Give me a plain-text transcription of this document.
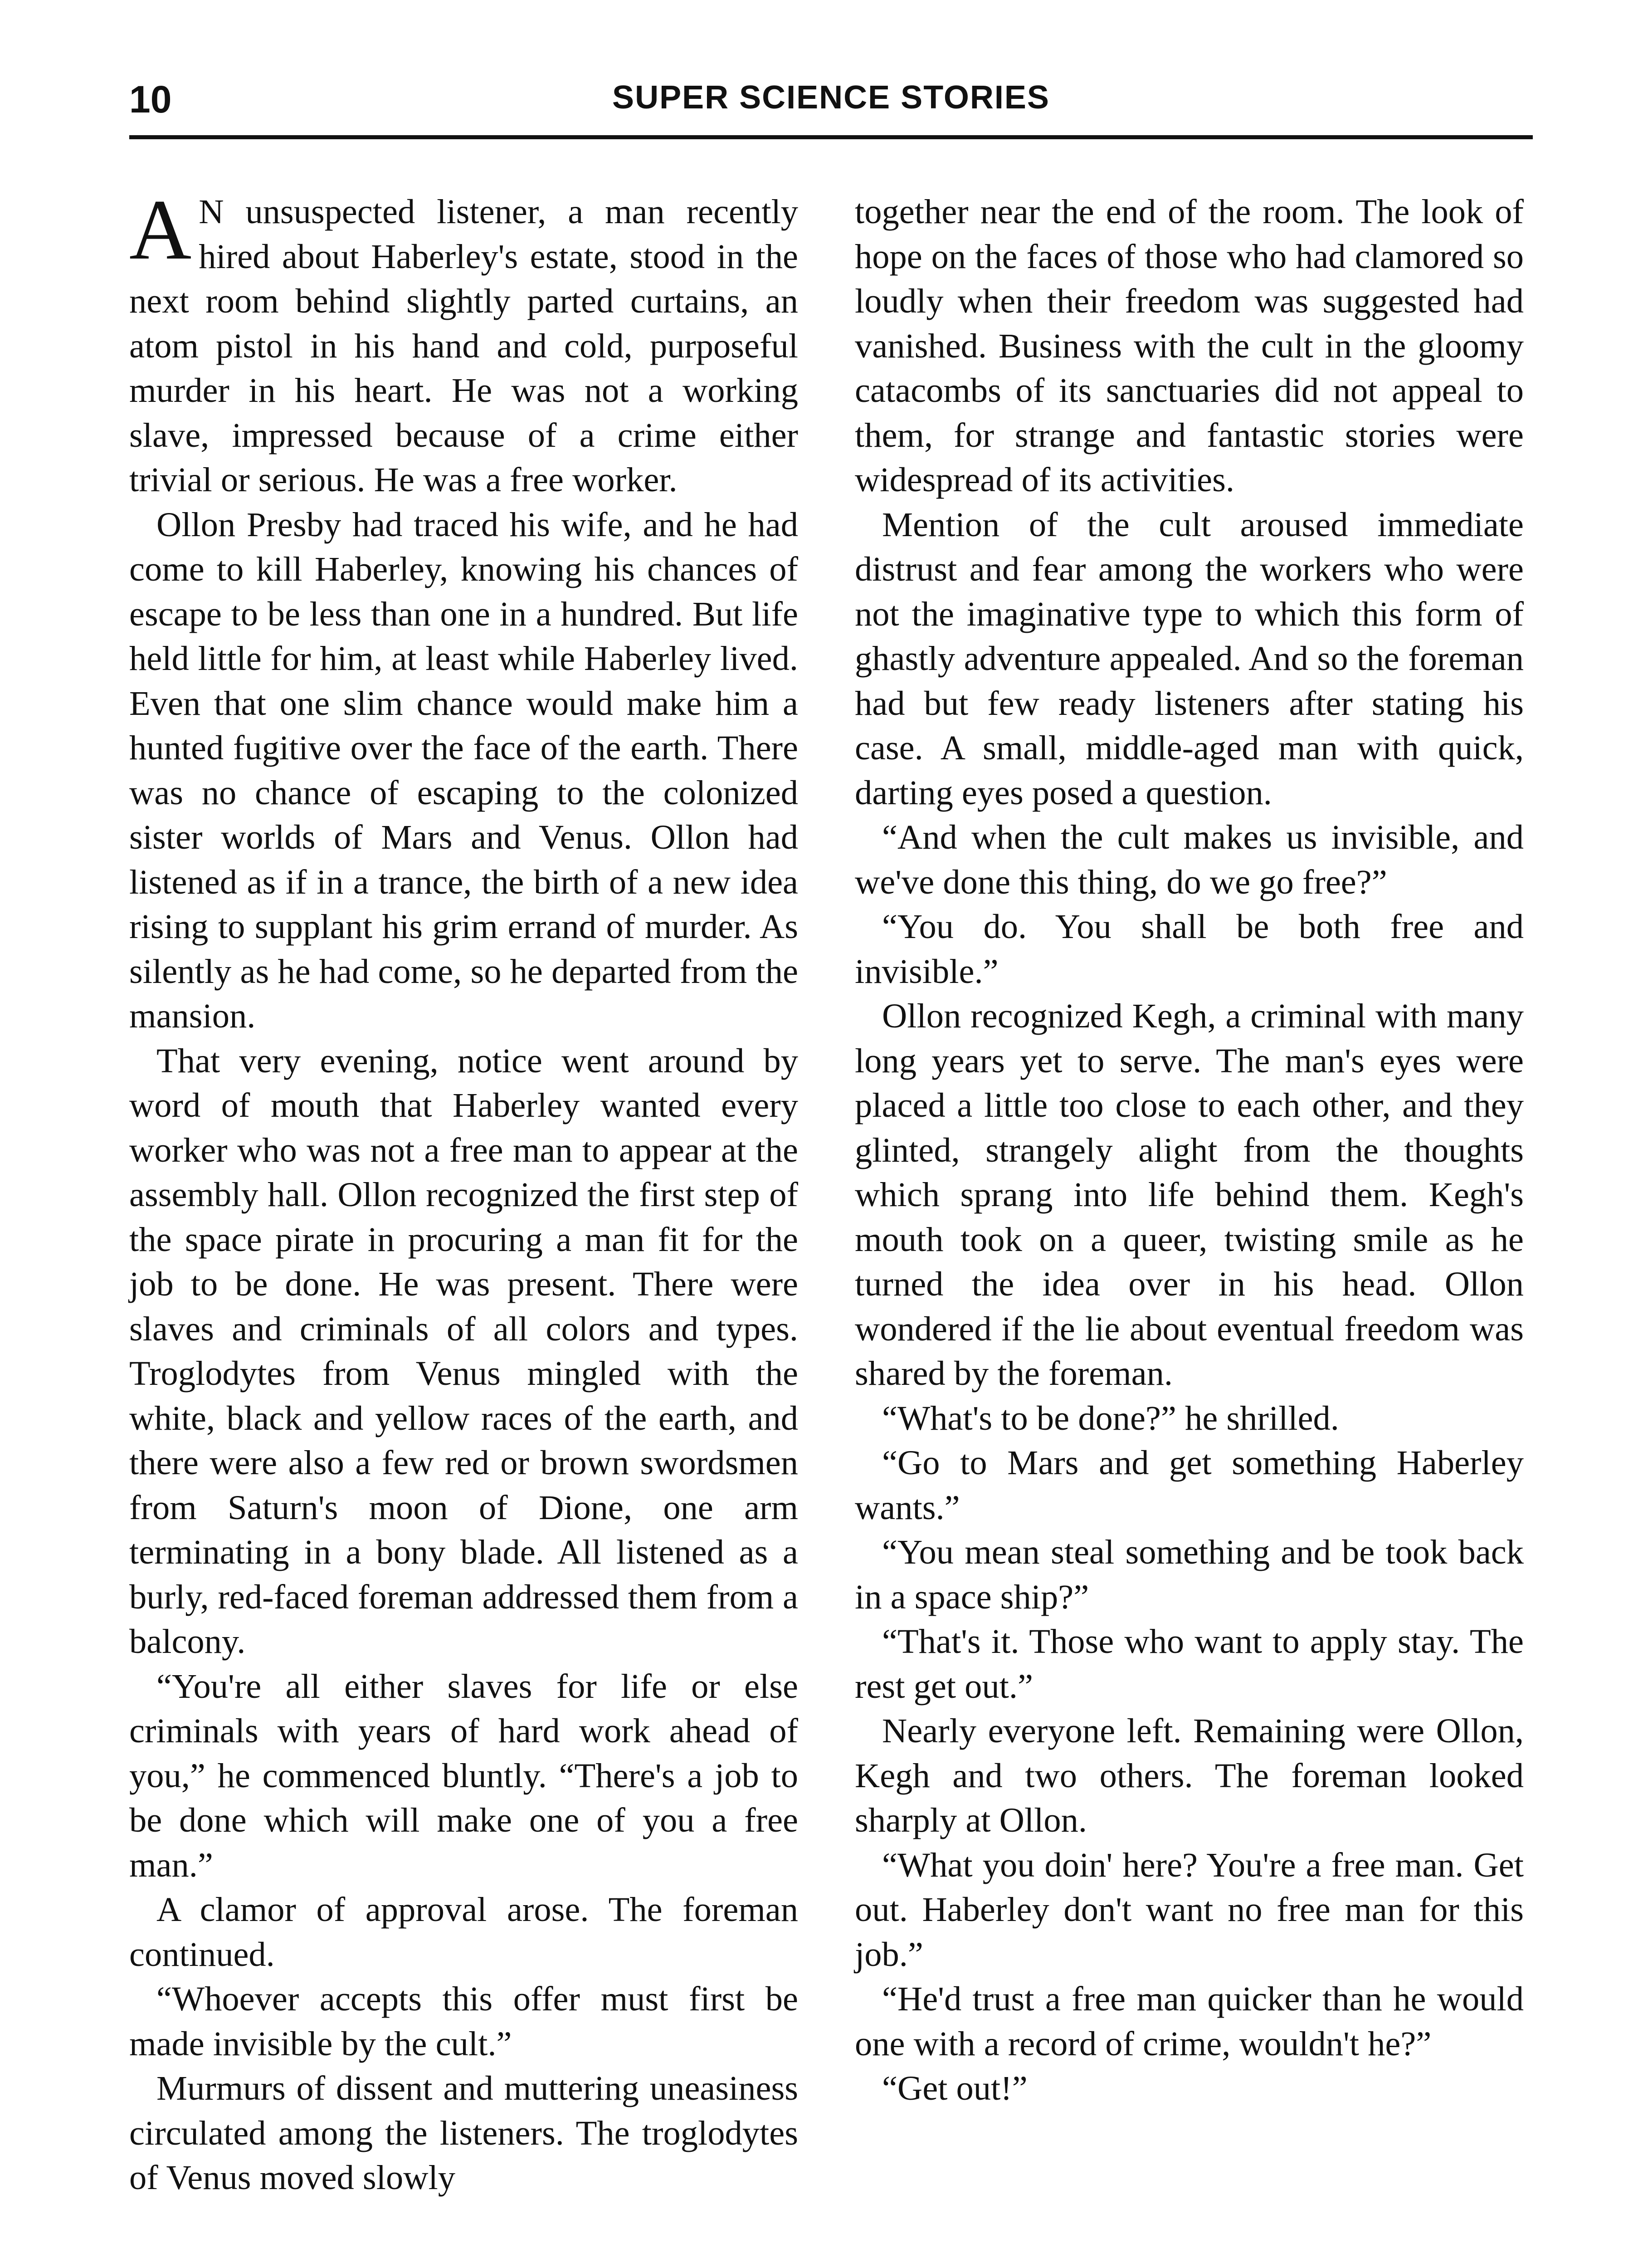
10	SUPER SCIENCE STORIES

A N unsuspected listener, a man recently hired about Haberley's estate, stood in the next room behind slightly parted curtains, an atom pistol in his hand and cold, purposeful murder in his heart. He was not a working slave, impressed because of a crime either trivial or serious. He was a free worker.

Ollon Presby had traced his wife, and he had come to kill Haberley, knowing his chances of escape to be less than one in a hundred. But life held little for him, at least while Haberley lived. Even that one slim chance would make him a hunted fugitive over the face of the earth. There was no chance of escaping to the colonized sister worlds of Mars and Venus. Ollon had listened as if in a trance, the birth of a new idea rising to supplant his grim errand of murder. As silently as he had come, so he departed from the mansion.

That very evening, notice went around by word of mouth that Haberley wanted every worker who was not a free man to appear at the assembly hall. Ollon recognized the first step of the space pirate in procuring a man fit for the job to be done. He was present. There were slaves and criminals of all colors and types. Troglodytes from Venus mingled with the white, black and yellow races of the earth, and there were also a few red or brown swordsmen from Saturn's moon of Dione, one arm terminating in a bony blade. All listened as a burly, red-faced foreman addressed them from a balcony.

“You're all either slaves for life or else criminals with years of hard work ahead of you,” he commenced bluntly. “There's a job to be done which will make one of you a free man.”

A clamor of approval arose. The foreman continued.

“Whoever accepts this offer must first be made invisible by the cult.”

Murmurs of dissent and muttering uneasiness circulated among the listeners. The troglodytes of Venus moved slowly

together near the end of the room. The look of hope on the faces of those who had clamored so loudly when their freedom was suggested had vanished. Business with the cult in the gloomy catacombs of its sanctuaries did not appeal to them, for strange and fantastic stories were widespread of its activities.

Mention of the cult aroused immediate distrust and fear among the workers who were not the imaginative type to which this form of ghastly adventure appealed. And so the foreman had but few ready listeners after stating his case. A small, middle-aged man with quick, darting eyes posed a question.

“And when the cult makes us invisible, and we've done this thing, do we go free?”

“You do. You shall be both free and invisible.”

Ollon recognized Kegh, a criminal with many long years yet to serve. The man's eyes were placed a little too close to each other, and they glinted, strangely alight from the thoughts which sprang into life behind them. Kegh's mouth took on a queer, twisting smile as he turned the idea over in his head. Ollon wondered if the lie about eventual freedom was shared by the foreman.

“What's to be done?” he shrilled.

“Go to Mars and get something Haberley wants.”

“You mean steal something and be took back in a space ship?”

“That's it. Those who want to apply stay. The rest get out.”

Nearly everyone left. Remaining were Ollon, Kegh and two others. The foreman looked sharply at Ollon.

“What you doin' here? You're a free man. Get out. Haberley don't want no free man for this job.”

“He'd trust a free man quicker than he would one with a record of crime, wouldn't he?”

“Get out!”
